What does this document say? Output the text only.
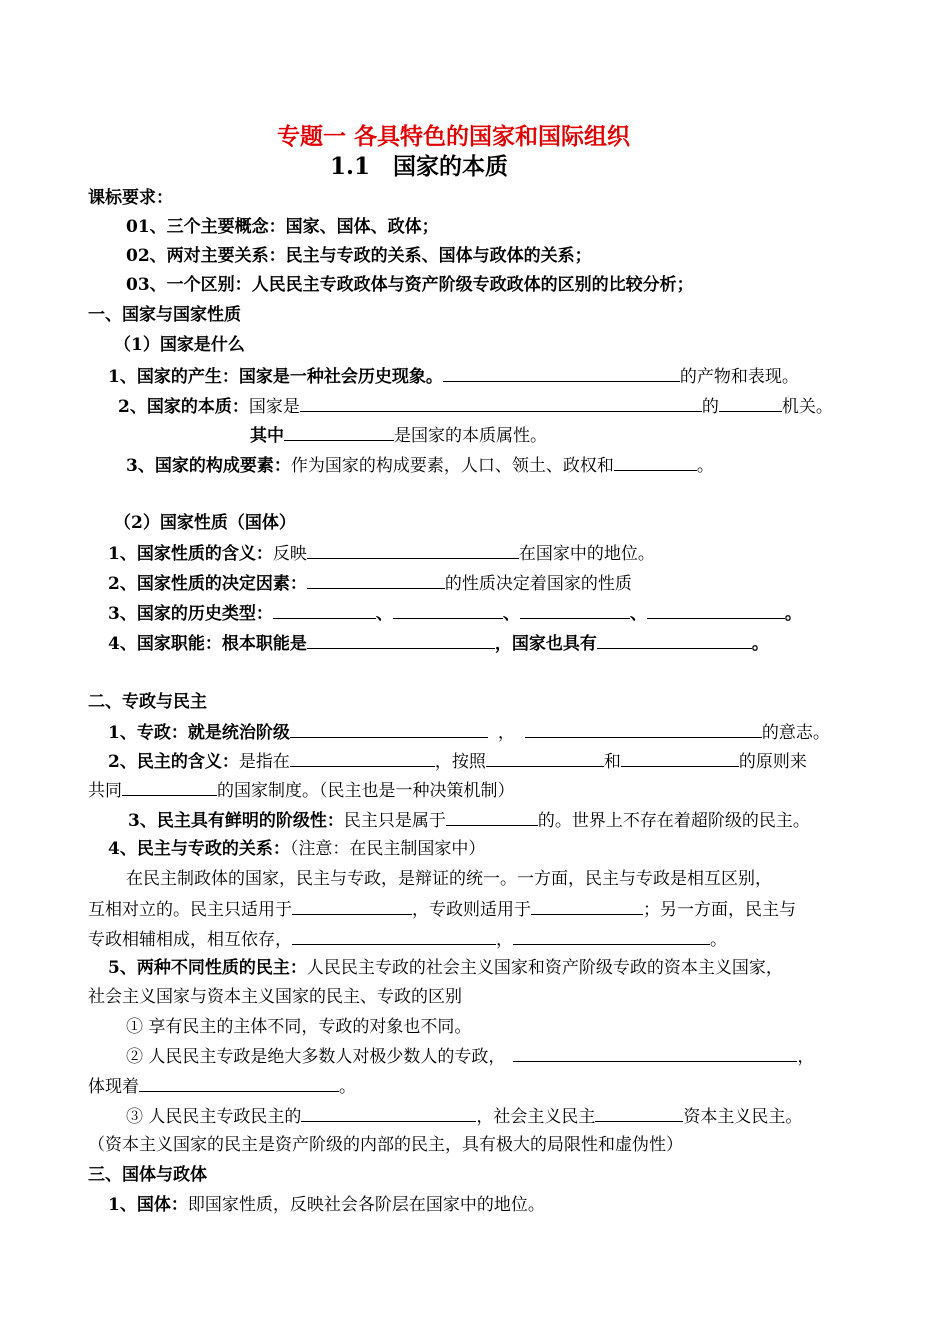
专题一 各具特色的国家和国际组织
1.1　国家的本质
课标要求：
01、三个主要概念：国家、国体、政体；
02、两对主要关系：民主与专政的关系、国体与政体的关系；
03、一个区别：人民民主专政政体与资产阶级专政政体的区别的比较分析；
一、国家与国家性质
（1）国家是什么
1、国家的产生：国家是一种社会历史现象。	的产物和表现。
2、国家的本质：国家是	的	机关。
其中	是国家的本质属性。
3、国家的构成要素：作为国家的构成要素，人口、领土、政权和	。
（2）国家性质（国体）
1、国家性质的含义：反映	在国家中的地位。
2、国家性质的决定因素：	的性质决定着国家的性质
3、国家的历史类型：	、	、	、	。
4、国家职能：根本职能是	，国家也具有	。
二、专政与民主
1、专政：就是统治阶级	，	的意志。
2、民主的含义：是指在	，按照	和	的原则来
共同	的国家制度。（民主也是一种决策机制）
3、民主具有鲜明的阶级性：民主只是属于	的。世界上不存在着超阶级的民主。
4、民主与专政的关系：（注意：在民主制国家中）
在民主制政体的国家，民主与专政，是辩证的统一。一方面，民主与专政是相互区别，
互相对立的。民主只适用于	，专政则适用于	；另一方面，民主与
专政相辅相成，相互依存，	，	。
5、两种不同性质的民主：人民民主专政的社会主义国家和资产阶级专政的资本主义国家，
社会主义国家与资本主义国家的民主、专政的区别
① 享有民主的主体不同，专政的对象也不同。
② 人民民主专政是绝大多数人对极少数人的专政，	，
体现着	。
③ 人民民主专政民主的	，社会主义民主	资本主义民主。
（资本主义国家的民主是资产阶级的内部的民主，具有极大的局限性和虚伪性）
三、国体与政体
1、国体：即国家性质，反映社会各阶层在国家中的地位。
